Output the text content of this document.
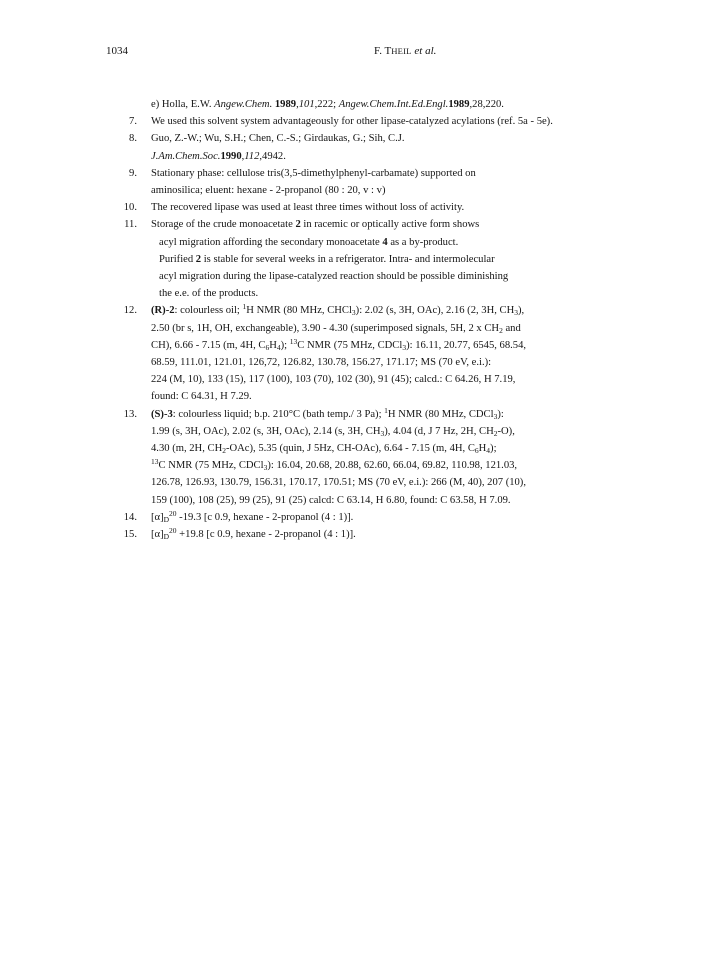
1034	F. THEIL et al.
e) Holla, E.W. Angew.Chem. 1989,101,222; Angew.Chem.Int.Ed.Engl.1989,28,220.
7. We used this solvent system advantageously for other lipase-catalyzed acylations (ref. 5a - 5e).
8. Guo, Z.-W.; Wu, S.H.; Chen, C.-S.; Girdaukas, G.; Sih, C.J.
J.Am.Chem.Soc.1990,112,4942.
9. Stationary phase: cellulose tris(3,5-dimethylphenyl-carbamate) supported on
aminosilica; eluent: hexane - 2-propanol (80 : 20, v : v)
10. The recovered lipase was used at least three times without loss of activity.
11. Storage of the crude monoacetate 2 in racemic or optically active form shows
acyl migration affording the secondary monoacetate 4 as a by-product.
Purified 2 is stable for several weeks in a refrigerator. Intra- and intermolecular
acyl migration during the lipase-catalyzed reaction should be possible diminishing
the e.e. of the products.
12. (R)-2: colourless oil; $^1$H NMR (80 MHz, CHCl$_3$): 2.02 (s, 3H, OAc), 2.16 (2, 3H, $CH_3$),
2.50 (br s, 1H, OH, exchangeable), 3.90 - 4.30 (superimposed signals, 5H, 2 x $CH_2$ and
CH), 6.66 - 7.15 (m, 4H, $C_6H_4$); $^{13}$C NMR (75 MHz, CDCl$_3$): 16.11, 20.77, 6545, 68.54,
68.59, 111.01, 121.01, 126,72, 126.82, 130.78, 156.27, 171.17; MS (70 eV, e.i.):
224 (M, 10), 133 (15), 117 (100), 103 (70), 102 (30), 91 (45); calcd.: C 64.26, H 7.19,
found: C 64.31, H 7.29.
13. (S)-3: colourless liquid; b.p. 210°C (bath temp./ 3 Pa); $^1$H NMR (80 MHz, CDCl$_3$):
1.99 (s, 3H, OAc), 2.02 (s, 3H, OAc), 2.14 (s, 3H, $CH_3$), 4.04 (d, J 7 Hz, 2H, $CH_2-O$),
4.30 (m, 2H, $CH_2-OAc$), 5.35 (quin, J 5Hz, CH-OAc), 6.64 - 7.15 (m, 4H, $C_6H_4$);
$^{13}$C NMR (75 MHz, CDCl$_3$): 16.04, 20.68, 20.88, 62.60, 66.04, 69.82, 110.98, 121.03,
126.78, 126.93, 130.79, 156.31, 170.17, 170.51; MS (70 eV, e.i.): 266 (M, 40), 207 (10),
159 (100), 108 (25), 99 (25), 91 (25) calcd: C 63.14, H 6.80, found: C 63.58, H 7.09.
14. $[\alpha]_D^{20}$ -19.3 [c 0.9, hexane - 2-propanol (4 : 1)].
15. $[\alpha]_D^{20} +19.8$ [c 0.9, hexane - 2-propanol (4 : 1)].
